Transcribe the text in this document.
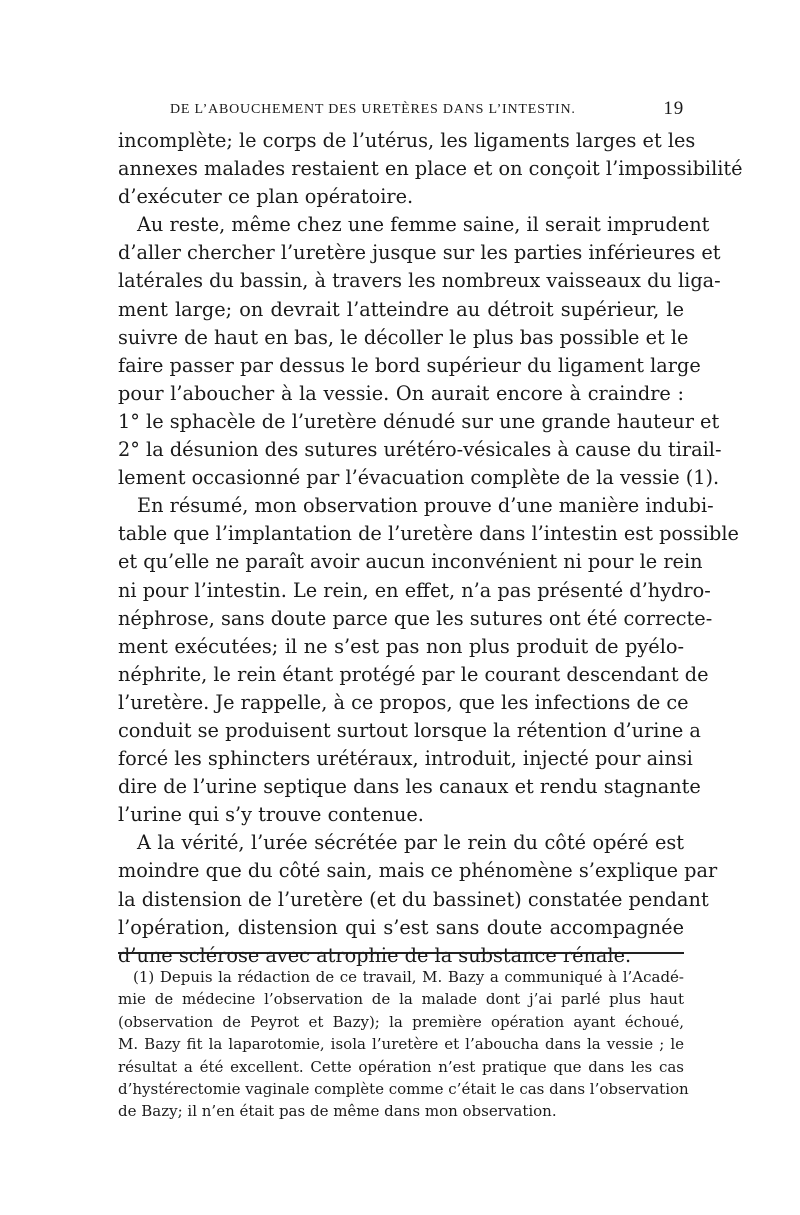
DE L’ABOUCHEMENT DES URETÈRES DANS L’INTESTIN.	19
incomplète; le corps de l’utérus, les ligaments larges et les
annexes malades restaient en place et on conçoit l’impossibilité
d’exécuter ce plan opératoire.
Au reste, même chez une femme saine, il serait imprudent
d’aller chercher l’uretère jusque sur les parties inférieures et
latérales du bassin, à travers les nombreux vaisseaux du liga-
ment large; on devrait l’atteindre au détroit supérieur, le
suivre de haut en bas, le décoller le plus bas possible et le
faire passer par dessus le bord supérieur du ligament large
pour l’aboucher à la vessie. On aurait encore à craindre :
1° le sphacèle de l’uretère dénudé sur une grande hauteur et
2° la désunion des sutures urétéro-vésicales à cause du tirail-
lement occasionné par l’évacuation complète de la vessie (1).
En résumé, mon observation prouve d’une manière indubi-
table que l’implantation de l’uretère dans l’intestin est possible
et qu’elle ne paraît avoir aucun inconvénient ni pour le rein
ni pour l’intestin. Le rein, en effet, n’a pas présenté d’hydro-
néphrose, sans doute parce que les sutures ont été correcte-
ment exécutées; il ne s’est pas non plus produit de pyélo-
néphrite, le rein étant protégé par le courant descendant de
l’uretère. Je rappelle, à ce propos, que les infections de ce
conduit se produisent surtout lorsque la rétention d’urine a
forcé les sphincters urétéraux, introduit, injecté pour ainsi
dire de l’urine septique dans les canaux et rendu stagnante
l’urine qui s’y trouve contenue.
A la vérité, l’urée sécrétée par le rein du côté opéré est
moindre que du côté sain, mais ce phénomène s’explique par
la distension de l’uretère (et du bassinet) constatée pendant
l’opération, distension qui s’est sans doute accompagnée
d’une sclérose avec atrophie de la substance rénale.
(1) Depuis la rédaction de ce travail, M. Bazy a communiqué à l’Acadé-
mie de médecine l’observation de la malade dont j’ai parlé plus haut
(observation de Peyrot et Bazy); la première opération ayant échoué,
M. Bazy fit la laparotomie, isola l’uretère et l’aboucha dans la vessie ; le
résultat a été excellent. Cette opération n’est pratique que dans les cas
d’hystérectomie vaginale complète comme c’était le cas dans l’observation
de Bazy; il n’en était pas de même dans mon observation.
